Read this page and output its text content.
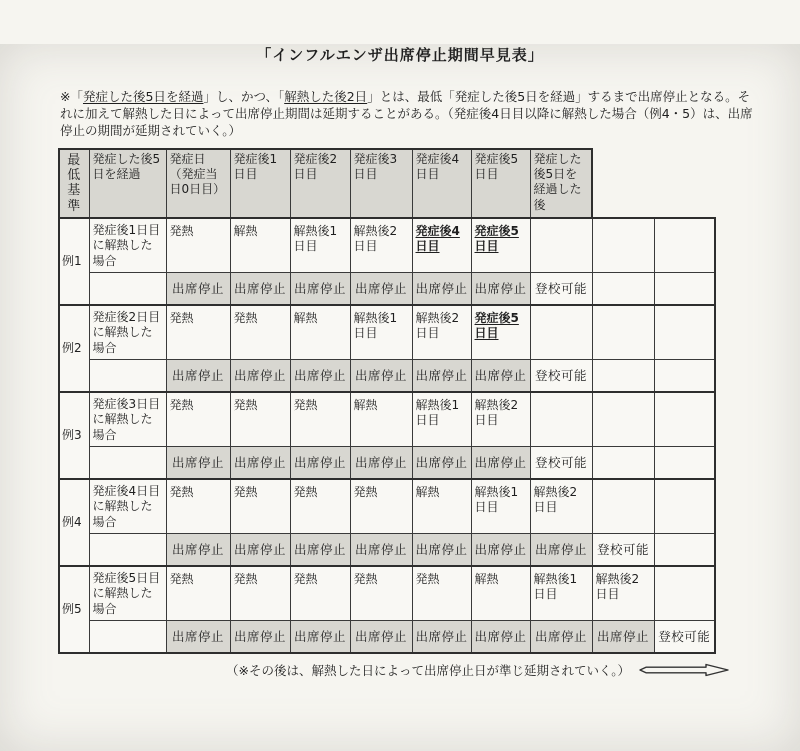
「インフルエンザ出席停止期間早見表」
※「発症した後5日を経過」し、かつ、「解熱した後2日」とは、最低「発症した後5日を経過」するまで出席停止となる。それに加えて解熱した日によって出席停止期間は延期することがある。（発症後4日目以降に解熱した場合（例4・5）は、出席停止の期間が延期されていく。）
最低基準	発症した後5日を経過	発症日（発症当日0日目）	発症後1日目	発症後2日目	発症後3日目	発症後4日目	発症後5日目	発症した後5日を経過した後		
例1	発症後1日目に解熱した場合	発熱	解熱	解熱後1日目	解熱後2日目	発症後4日目	発症後5日目			
		出席停止	出席停止	出席停止	出席停止	出席停止	出席停止	登校可能		
例2	発症後2日目に解熱した場合	発熱	発熱	解熱	解熱後1日目	解熱後2日目	発症後5日目			
		出席停止	出席停止	出席停止	出席停止	出席停止	出席停止	登校可能		
例3	発症後3日目に解熱した場合	発熱	発熱	発熱	解熱	解熱後1日目	解熱後2日目			
		出席停止	出席停止	出席停止	出席停止	出席停止	出席停止	登校可能		
例4	発症後4日目に解熱した場合	発熱	発熱	発熱	発熱	解熱	解熱後1日目	解熱後2日目		
		出席停止	出席停止	出席停止	出席停止	出席停止	出席停止	出席停止	登校可能	
例5	発症後5日目に解熱した場合	発熱	発熱	発熱	発熱	発熱	解熱	解熱後1日目	解熱後2日目	
		出席停止	出席停止	出席停止	出席停止	出席停止	出席停止	出席停止	出席停止	登校可能
（※その後は、解熱した日によって出席停止日が準じ延期されていく。）
